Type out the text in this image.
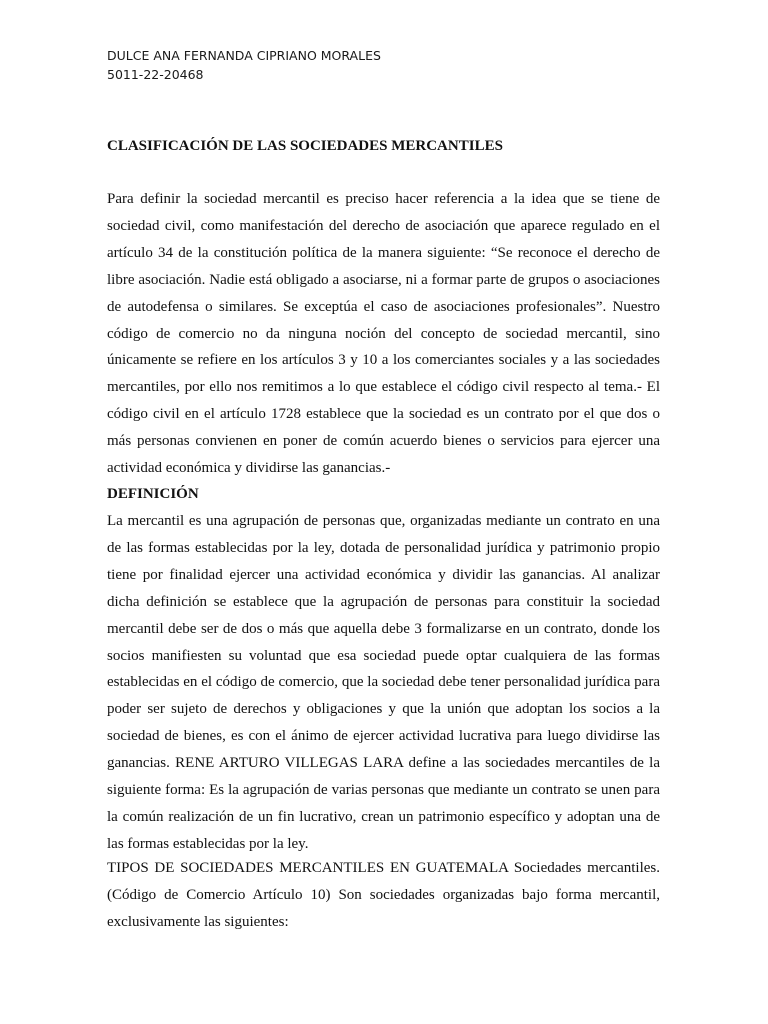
DULCE ANA FERNANDA CIPRIANO MORALES
5011-22-20468
CLASIFICACIÓN DE LAS SOCIEDADES MERCANTILES

Para definir la sociedad mercantil es preciso hacer referencia a la idea que se tiene de sociedad civil, como manifestación del derecho de asociación que aparece regulado en el artículo 34 de la constitución política de la manera siguiente: “Se reconoce el derecho de libre asociación. Nadie está obligado a asociarse, ni a formar parte de grupos o asociaciones de autodefensa o similares. Se exceptúa el caso de asociaciones profesionales”. Nuestro código de comercio no da ninguna noción del concepto de sociedad mercantil, sino únicamente se refiere en los artículos 3 y 10 a los comerciantes sociales y a las sociedades mercantiles, por ello nos remitimos a lo que establece el código civil respecto al tema.- El código civil en el artículo 1728 establece que la sociedad es un contrato por el que dos o más personas convienen en poner de común acuerdo bienes o servicios para ejercer una actividad económica y dividirse las ganancias.-

DEFINICIÓN

La mercantil es una agrupación de personas que, organizadas mediante un contrato en una de las formas establecidas por la ley, dotada de personalidad jurídica y patrimonio propio tiene por finalidad ejercer una actividad económica y dividir las ganancias. Al analizar dicha definición se establece que la agrupación de personas para constituir la sociedad mercantil debe ser de dos o más que aquella debe 3 formalizarse en un contrato, donde los socios manifiesten su voluntad que esa sociedad puede optar cualquiera de las formas establecidas en el código de comercio, que la sociedad debe tener personalidad jurídica para poder ser sujeto de derechos y obligaciones y que la unión que adoptan los socios a la sociedad de bienes, es con el ánimo de ejercer actividad lucrativa para luego dividirse las ganancias. RENE ARTURO VILLEGAS LARA define a las sociedades mercantiles de la siguiente forma: Es la agrupación de varias personas que mediante un contrato se unen para la común realización de un fin lucrativo, crean un patrimonio específico y adoptan una de las formas establecidas por la ley.

TIPOS DE SOCIEDADES MERCANTILES EN GUATEMALA Sociedades mercantiles. (Código de Comercio Artículo 10) Son sociedades organizadas bajo forma mercantil, exclusivamente las siguientes:
